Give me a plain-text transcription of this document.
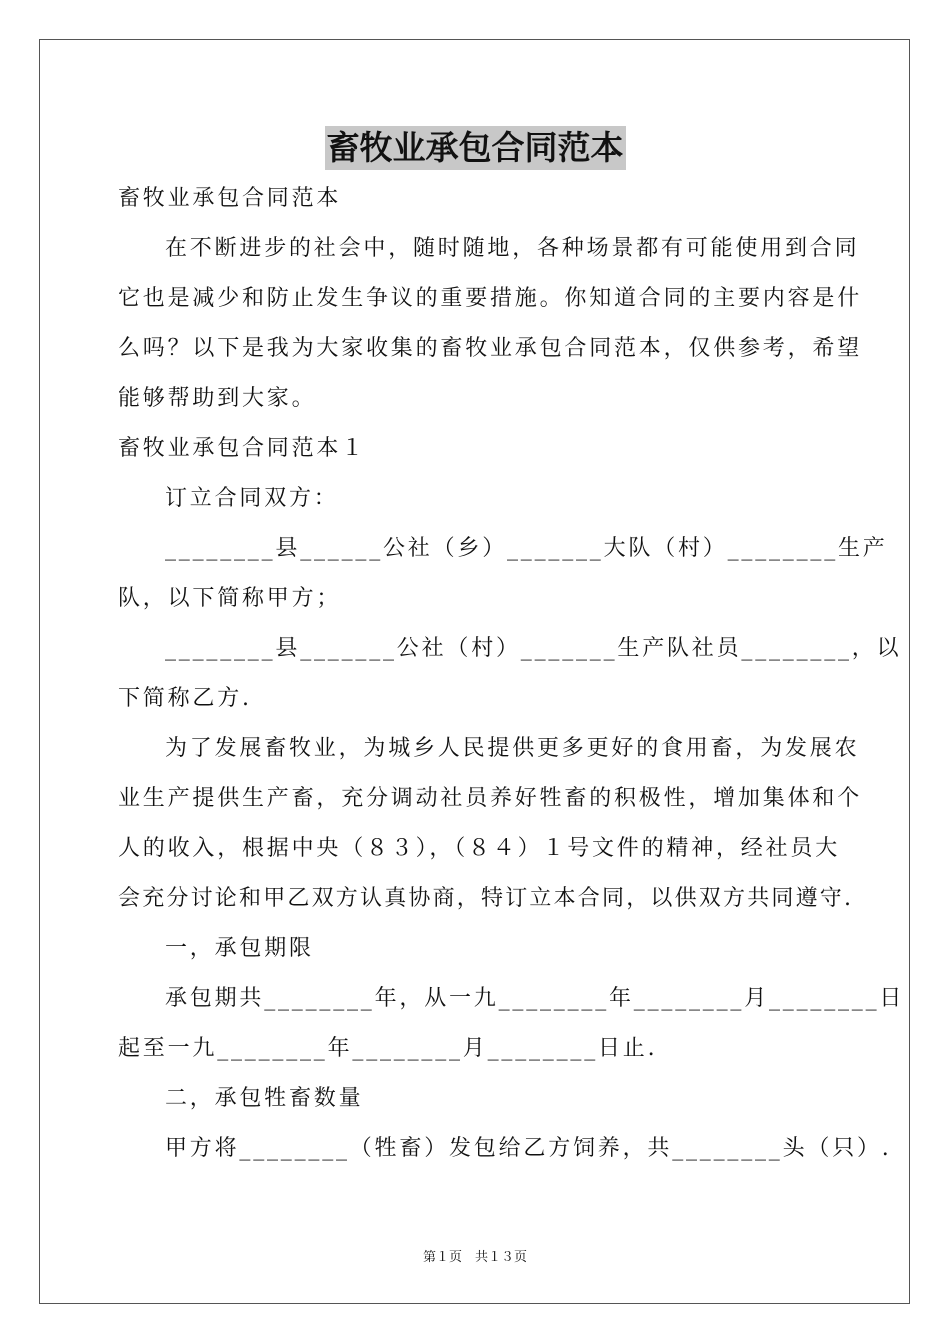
畜牧业承包合同范本
畜牧业承包合同范本
在不断进步的社会中，随时随地，各种场景都有可能使用到合同
它也是减少和防止发生争议的重要措施。你知道合同的主要内容是什
么吗？以下是我为大家收集的畜牧业承包合同范本，仅供参考，希望
能够帮助到大家。
畜牧业承包合同范本１
订立合同双方：
________县______公社（乡）_______大队（村）________生产
队，以下简称甲方；
________县_______公社（村）_______生产队社员________，以
下简称乙方.
为了发展畜牧业，为城乡人民提供更多更好的食用畜，为发展农
业生产提供生产畜，充分调动社员养好牲畜的积极性，增加集体和个
人的收入，根据中央（８３），（８４）１号文件的精神，经社员大
会充分讨论和甲乙双方认真协商，特订立本合同，以供双方共同遵守.
一，承包期限
承包期共________年，从一九________年________月________日
起至一九________年________月________日止.
二，承包牲畜数量
甲方将________（牲畜）发包给乙方饲养，共________头（只）.
第１页　共１３页
